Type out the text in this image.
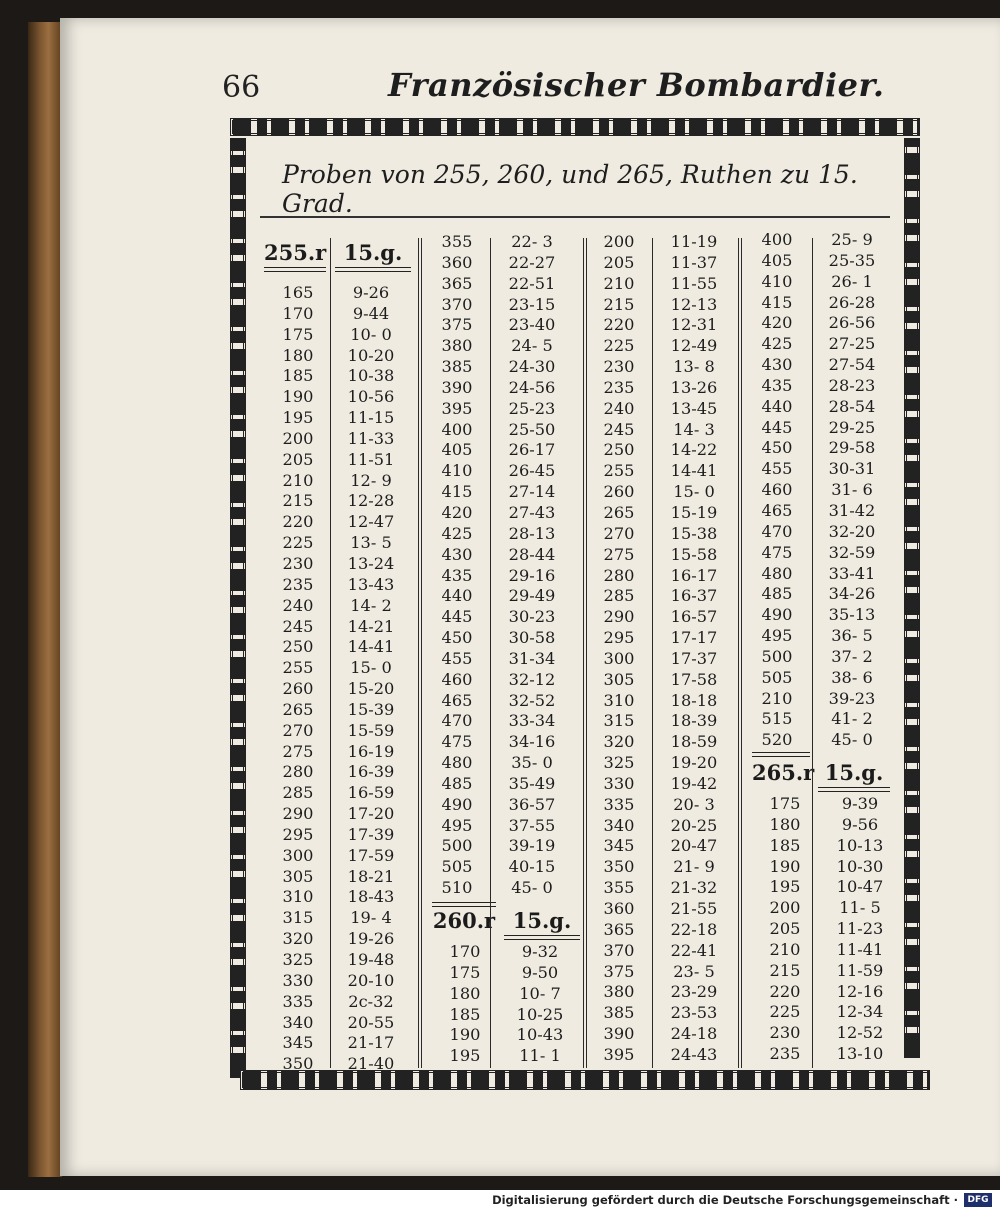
66	Französischer Bombardier.
Proben von 255, 260, und 265, Ruthen zu 15. Grad.
255.r 15.g.
165	9-26
170	9-44
175	10- 0
180	10-20
185	10-38
190	10-56
195	11-15
200	11-33
205	11-51
210	12- 9
215	12-28
220	12-47
225	13- 5
230	13-24
235	13-43
240	14- 2
245	14-21
250	14-41
255	15- 0
260	15-20
265	15-39
270	15-59
275	16-19
280	16-39
285	16-59
290	17-20
295	17-39
300	17-59
305	18-21
310	18-43
315	19- 4
320	19-26
325	19-48
330	20-10
335	2c-32
340	20-55
345	21-17
350	21-40
355	22- 3
360	22-27
365	22-51
370	23-15
375	23-40
380	24- 5
385	24-30
390	24-56
395	25-23
400	25-50
405	26-17
410	26-45
415	27-14
420	27-43
425	28-13
430	28-44
435	29-16
440	29-49
445	30-23
450	30-58
455	31-34
460	32-12
465	32-52
470	33-34
475	34-16
480	35- 0
485	35-49
490	36-57
495	37-55
500	39-19
505	40-15
510	45- 0
260.r 15.g.
170	9-32
175	9-50
180	10- 7
185	10-25
190	10-43
195	11- 1
200	11-19
205	11-37
210	11-55
215	12-13
220	12-31
225	12-49
230	13- 8
235	13-26
240	13-45
245	14- 3
250	14-22
255	14-41
260	15- 0
265	15-19
270	15-38
275	15-58
280	16-17
285	16-37
290	16-57
295	17-17
300	17-37
305	17-58
310	18-18
315	18-39
320	18-59
325	19-20
330	19-42
335	20- 3
340	20-25
345	20-47
350	21- 9
355	21-32
360	21-55
365	22-18
370	22-41
375	23- 5
380	23-29
385	23-53
390	24-18
395	24-43
400	25- 9
405	25-35
410	26- 1
415	26-28
420	26-56
425	27-25
430	27-54
435	28-23
440	28-54
445	29-25
450	29-58
455	30-31
460	31- 6
465	31-42
470	32-20
475	32-59
480	33-41
485	34-26
490	35-13
495	36- 5
500	37- 2
505	38- 6
210	39-23
515	41- 2
520	45- 0
265.r 15.g.
175	9-39
180	9-56
185	10-13
190	10-30
195	10-47
200	11- 5
205	11-23
210	11-41
215	11-59
220	12-16
225	12-34
230	12-52
235	13-10
Digitalisierung gefördert durch die Deutsche Forschungsgemeinschaft ·	DFG
